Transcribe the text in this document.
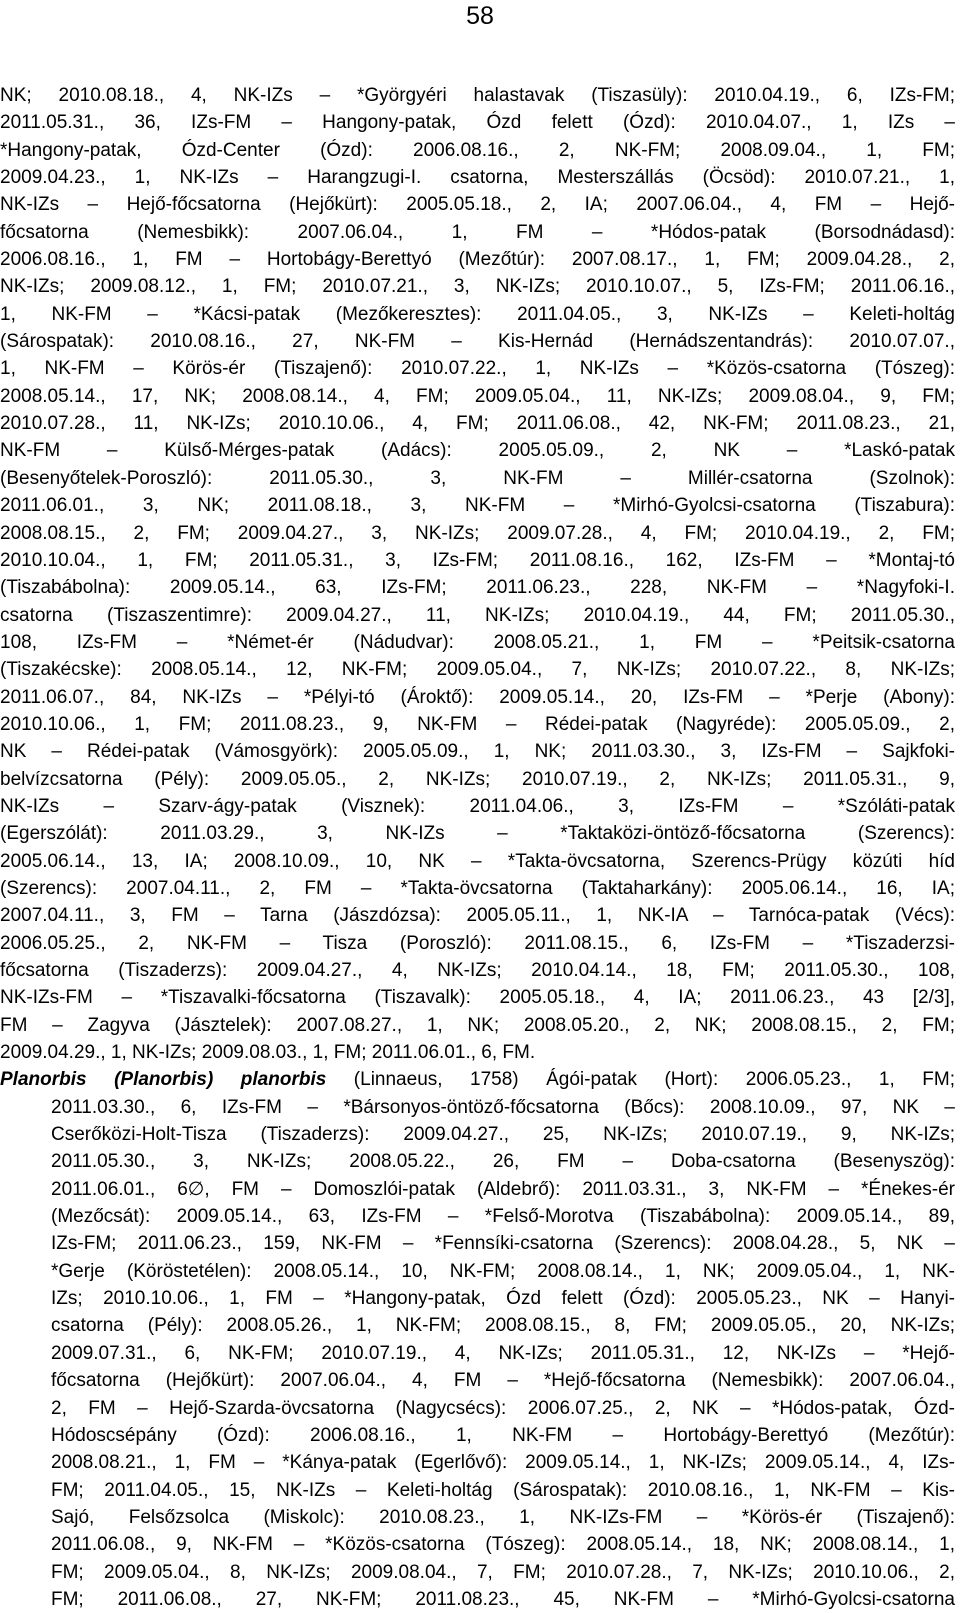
58
NK; 2010.08.18., 4, NK-IZs – *Györgyéri halastavak (Tiszasüly): 2010.04.19., 6, IZs-FM;
2011.05.31., 36, IZs-FM – Hangony-patak, Ózd felett (Ózd): 2010.04.07., 1, IZs –
*Hangony-patak, Ózd-Center (Ózd): 2006.08.16., 2, NK-FM; 2008.09.04., 1, FM;
2009.04.23., 1, NK-IZs – Harangzugi-I. csatorna, Mesterszállás (Öcsöd): 2010.07.21., 1,
NK-IZs – Hejő-főcsatorna (Hejőkürt): 2005.05.18., 2, IA; 2007.06.04., 4, FM – Hejő-
főcsatorna (Nemesbikk): 2007.06.04., 1, FM – *Hódos-patak (Borsodnádasd):
2006.08.16., 1, FM – Hortobágy-Berettyó (Mezőtúr): 2007.08.17., 1, FM; 2009.04.28., 2,
NK-IZs; 2009.08.12., 1, FM; 2010.07.21., 3, NK-IZs; 2010.10.07., 5, IZs-FM; 2011.06.16.,
1, NK-FM – *Kácsi-patak (Mezőkeresztes): 2011.04.05., 3, NK-IZs – Keleti-holtág
(Sárospatak): 2010.08.16., 27, NK-FM – Kis-Hernád (Hernádszentandrás): 2010.07.07.,
1, NK-FM – Körös-ér (Tiszajenő): 2010.07.22., 1, NK-IZs – *Közös-csatorna (Tószeg):
2008.05.14., 17, NK; 2008.08.14., 4, FM; 2009.05.04., 11, NK-IZs; 2009.08.04., 9, FM;
2010.07.28., 11, NK-IZs; 2010.10.06., 4, FM; 2011.06.08., 42, NK-FM; 2011.08.23., 21,
NK-FM – Külső-Mérges-patak (Adács): 2005.05.09., 2, NK – *Laskó-patak
(Besenyőtelek-Poroszló): 2011.05.30., 3, NK-FM – Millér-csatorna (Szolnok):
2011.06.01., 3, NK; 2011.08.18., 3, NK-FM – *Mirhó-Gyolcsi-csatorna (Tiszabura):
2008.08.15., 2, FM; 2009.04.27., 3, NK-IZs; 2009.07.28., 4, FM; 2010.04.19., 2, FM;
2010.10.04., 1, FM; 2011.05.31., 3, IZs-FM; 2011.08.16., 162, IZs-FM – *Montaj-tó
(Tiszabábolna): 2009.05.14., 63, IZs-FM; 2011.06.23., 228, NK-FM – *Nagyfoki-I.
csatorna (Tiszaszentimre): 2009.04.27., 11, NK-IZs; 2010.04.19., 44, FM; 2011.05.30.,
108, IZs-FM – *Német-ér (Nádudvar): 2008.05.21., 1, FM – *Peitsik-csatorna
(Tiszakécske): 2008.05.14., 12, NK-FM; 2009.05.04., 7, NK-IZs; 2010.07.22., 8, NK-IZs;
2011.06.07., 84, NK-IZs – *Pélyi-tó (Ároktő): 2009.05.14., 20, IZs-FM – *Perje (Abony):
2010.10.06., 1, FM; 2011.08.23., 9, NK-FM – Rédei-patak (Nagyréde): 2005.05.09., 2,
NK – Rédei-patak (Vámosgyörk): 2005.05.09., 1, NK; 2011.03.30., 3, IZs-FM – Sajkfoki-
belvízcsatorna (Pély): 2009.05.05., 2, NK-IZs; 2010.07.19., 2, NK-IZs; 2011.05.31., 9,
NK-IZs – Szarv-ágy-patak (Visznek): 2011.04.06., 3, IZs-FM – *Szóláti-patak
(Egerszólát): 2011.03.29., 3, NK-IZs – *Taktaközi-öntöző-főcsatorna (Szerencs):
2005.06.14., 13, IA; 2008.10.09., 10, NK – *Takta-övcsatorna, Szerencs-Prügy közúti híd
(Szerencs): 2007.04.11., 2, FM – *Takta-övcsatorna (Taktaharkány): 2005.06.14., 16, IA;
2007.04.11., 3, FM – Tarna (Jászdózsa): 2005.05.11., 1, NK-IA – Tarnóca-patak (Vécs):
2006.05.25., 2, NK-FM – Tisza (Poroszló): 2011.08.15., 6, IZs-FM – *Tiszaderzsi-
főcsatorna (Tiszaderzs): 2009.04.27., 4, NK-IZs; 2010.04.14., 18, FM; 2011.05.30., 108,
NK-IZs-FM – *Tiszavalki-főcsatorna (Tiszavalk): 2005.05.18., 4, IA; 2011.06.23., 43 [2/3],
FM – Zagyva (Jásztelek): 2007.08.27., 1, NK; 2008.05.20., 2, NK; 2008.08.15., 2, FM;
2009.04.29., 1, NK-IZs; 2009.08.03., 1, FM; 2011.06.01., 6, FM.
Planorbis (Planorbis) planorbis (Linnaeus, 1758) Ágói-patak (Hort): 2006.05.23., 1, FM;
2011.03.30., 6, IZs-FM – *Bársonyos-öntöző-főcsatorna (Bőcs): 2008.10.09., 97, NK –
Cserőközi-Holt-Tisza (Tiszaderzs): 2009.04.27., 25, NK-IZs; 2010.07.19., 9, NK-IZs;
2011.05.30., 3, NK-IZs; 2008.05.22., 26, FM – Doba-csatorna (Besenyszög):
2011.06.01., 6∅, FM – Domoszlói-patak (Aldebrő): 2011.03.31., 3, NK-FM – *Énekes-ér
(Mezőcsát): 2009.05.14., 63, IZs-FM – *Felső-Morotva (Tiszabábolna): 2009.05.14., 89,
IZs-FM; 2011.06.23., 159, NK-FM – *Fennsíki-csatorna (Szerencs): 2008.04.28., 5, NK –
*Gerje (Köröstetélen): 2008.05.14., 10, NK-FM; 2008.08.14., 1, NK; 2009.05.04., 1, NK-
IZs; 2010.10.06., 1, FM – *Hangony-patak, Ózd felett (Ózd): 2005.05.23., NK – Hanyi-
csatorna (Pély): 2008.05.26., 1, NK-FM; 2008.08.15., 8, FM; 2009.05.05., 20, NK-IZs;
2009.07.31., 6, NK-FM; 2010.07.19., 4, NK-IZs; 2011.05.31., 12, NK-IZs – *Hejő-
főcsatorna (Hejőkürt): 2007.06.04., 4, FM – *Hejő-főcsatorna (Nemesbikk): 2007.06.04.,
2, FM – Hejő-Szarda-övcsatorna (Nagycsécs): 2006.07.25., 2, NK – *Hódos-patak, Ózd-
Hódoscsépány (Ózd): 2006.08.16., 1, NK-FM – Hortobágy-Berettyó (Mezőtúr):
2008.08.21., 1, FM – *Kánya-patak (Egerlővő): 2009.05.14., 1, NK-IZs; 2009.05.14., 4, IZs-
FM; 2011.04.05., 15, NK-IZs – Keleti-holtág (Sárospatak): 2010.08.16., 1, NK-FM – Kis-
Sajó, Felsőzsolca (Miskolc): 2010.08.23., 1, NK-IZs-FM – *Körös-ér (Tiszajenő):
2011.06.08., 9, NK-FM – *Közös-csatorna (Tószeg): 2008.05.14., 18, NK; 2008.08.14., 1,
FM; 2009.05.04., 8, NK-IZs; 2009.08.04., 7, FM; 2010.07.28., 7, NK-IZs; 2010.10.06., 2,
FM; 2011.06.08., 27, NK-FM; 2011.08.23., 45, NK-FM – *Mirhó-Gyolcsi-csatorna
